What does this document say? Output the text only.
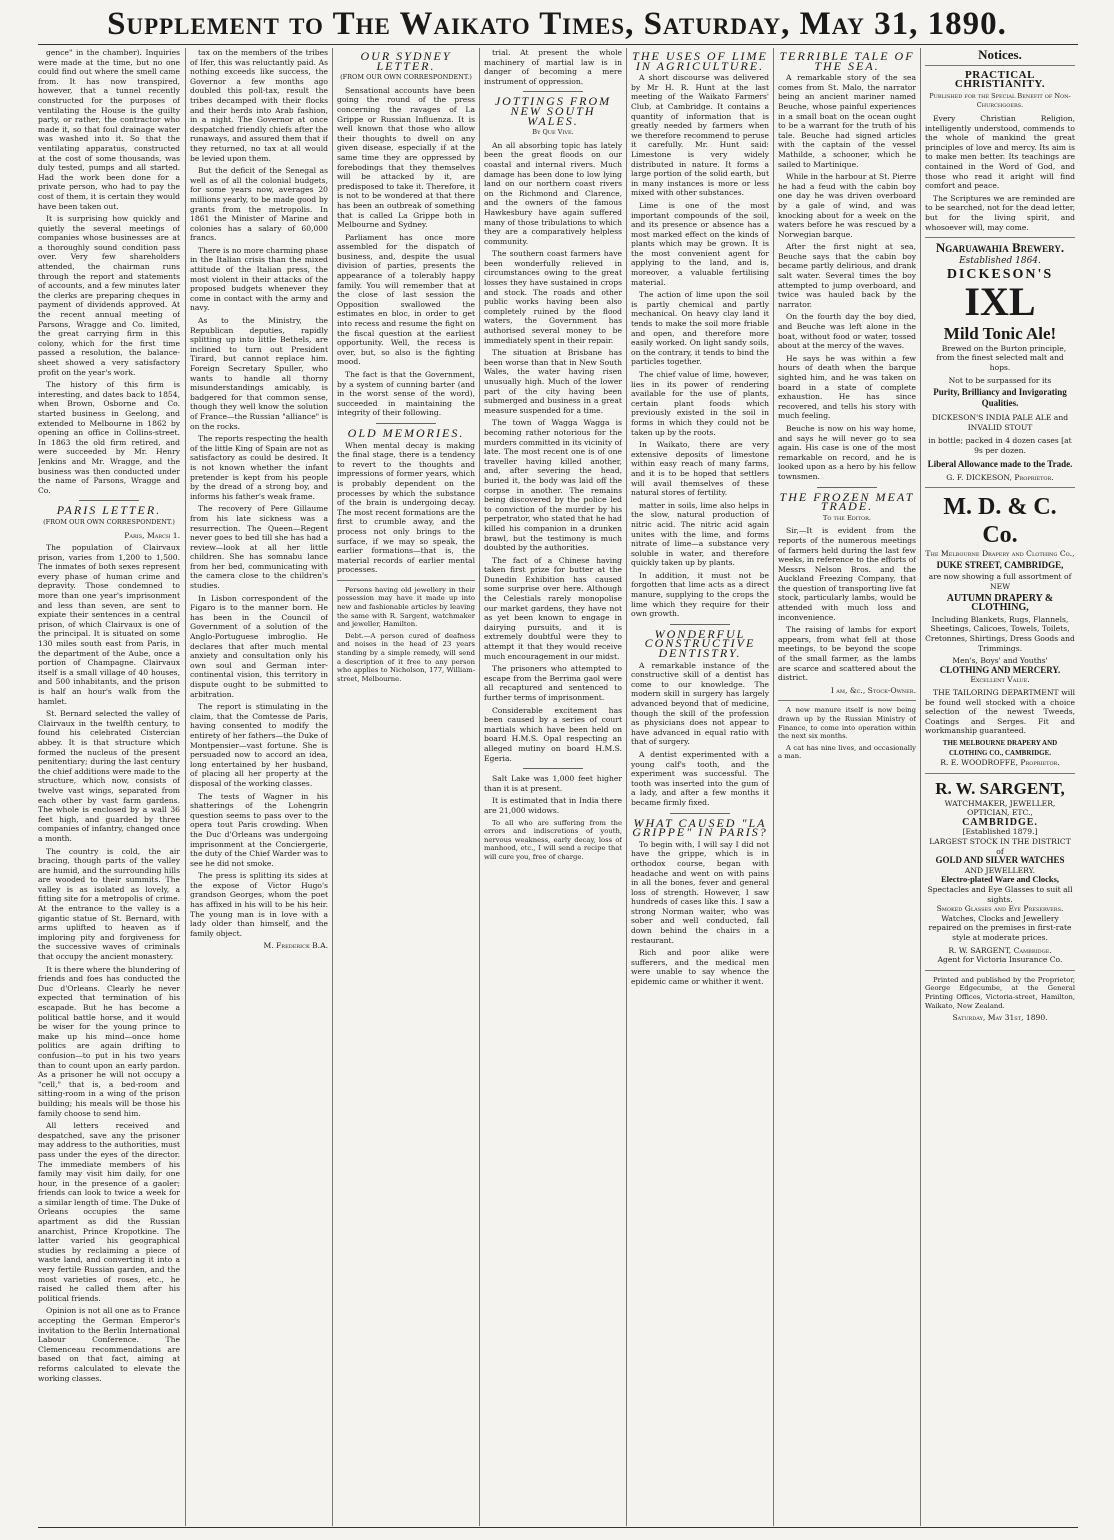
Supplement to The Waikato Times, Saturday, May 31, 1890.

gence" in the chamber). Inquiries were made at the time, but no one could find out where the smell came from. It has now transpired, however, that a tunnel recently constructed for the purposes of ventilating the House is the guilty party, or rather, the contractor who made it, so that foul drainage water was washed into it. So that the ventilating apparatus, constructed at the cost of some thousands, was duly tested, pumps and all started. Had the work been done for a private person, who had to pay the cost of them, it is certain they would have been taken out.

It is surprising how quickly and quietly the several meetings of companies whose businesses are at a thoroughly sound condition pass over. Very few shareholders attended, the chairman runs through the report and statements of accounts, and a few minutes later the clerks are preparing cheques in payment of dividends approved. At the recent annual meeting of Parsons, Wragge and Co. limited, the great carrying firm in this colony, which for the first time passed a resolution, the balance-sheet showed a very satisfactory profit on the year's work.

The history of this firm is interesting, and dates back to 1854, when Brown, Osborne and Co. started business in Geelong, and extended to Melbourne in 1862 by opening an office in Collins-street. In 1863 the old firm retired, and were succeeded by Mr. Henry Jenkins and Mr. Wragge, and the business was then conducted under the name of Parsons, Wragge and Co.

PARIS LETTER.
(FROM OUR OWN CORRESPONDENT.)
Paris, March 1.

The population of Clairvaux prison, varies from 1,200 to 1,500. The inmates of both sexes represent every phase of human crime and depravity. Those condemned to more than one year's imprisonment and less than seven, are sent to expiate their sentences in a central prison, of which Clairvaux is one of the principal. It is situated on some 130 miles south east from Paris, in the department of the Aube, once a portion of Champagne. Clairvaux itself is a small village of 40 houses, and 500 inhabitants, and the prison is half an hour's walk from the hamlet.

St. Bernard selected the valley of Clairvaux in the twelfth century, to found his celebrated Cistercian abbey. It is that structure which formed the nucleus of the present penitentiary; during the last century the chief additions were made to the structure, which now, consists of twelve vast wings, separated from each other by vast farm gardens. The whole is enclosed by a wall 36 feet high, and guarded by three companies of infantry, changed once a month.

The country is cold, the air bracing, though parts of the valley are humid, and the surrounding hills are wooded to their summits. The valley is as isolated as lovely, a fitting site for a metropolis of crime. At the entrance to the valley is a gigantic statue of St. Bernard, with arms uplifted to heaven as if imploring pity and forgiveness for the successive waves of criminals that occupy the ancient monastery.

It is there where the blundering of friends and foes has conducted the Duc d'Orleans. Clearly he never expected that termination of his escapade. But he has become a political battle horse, and it would be wiser for the young prince to make up his mind—once home politics are again drifting to confusion—to put in his two years than to count upon an early pardon. As a prisoner he will not occupy a "cell," that is, a bed-room and sitting-room in a wing of the prison building; his meals will be those his family choose to send him.

All letters received and despatched, save any the prisoner may address to the authorities, must pass under the eyes of the director. The immediate members of his family may visit him daily, for one hour, in the presence of a gaoler; friends can look to twice a week for a similar length of time. The Duke of Orleans occupies the same apartment as did the Russian anarchist, Prince Kropotkine. The latter varied his geographical studies by reclaiming a piece of waste land, and converting it into a very fertile Russian garden, and the most varieties of roses, etc., he raised he called them after his political friends.

Opinion is not all one as to France accepting the German Emperor's invitation to the Berlin International Labour Conference. The Clemenceau recommendations are based on that fact, aiming at reforms calculated to elevate the working classes.

tax on the members of the tribes of Ifer, this was reluctantly paid. As nothing exceeds like success, the Governor a few months ago doubled this poll-tax, result the tribes decamped with their flocks and their herds into Arab fashion, in a night. The Governor at once despatched friendly chiefs after the runaways, and assured them that if they returned, no tax at all would be levied upon them.

But the deficit of the Senegal as well as of all the colonial budgets, for some years now, averages 20 millions yearly, to be made good by grants from the metropolis. In 1861 the Minister of Marine and colonies has a salary of 60,000 francs.

There is no more charming phase in the Italian crisis than the mixed attitude of the Italian press, the most violent in their attacks of the proposed budgets whenever they come in contact with the army and navy.

As to the Ministry, the Republican deputies, rapidly splitting up into little Bethels, are inclined to turn out President Tirard, but cannot replace him. Foreign Secretary Spuller, who wants to handle all thorny misunderstandings amicably, is badgered for that common sense, though they well know the solution of France—the Russian "alliance" is on the rocks.

The reports respecting the health of the little King of Spain are not as satisfactory as could be desired. It is not known whether the infant pretender is kept from his people by the dread of a strong boy, and informs his father's weak frame.

The recovery of Pere Gillaume from his late sickness was a resurrection. The Queen—Regent never goes to bed till she has had a review—look at all her little children. She has somnabu lance from her bed, communicating with the camera close to the children's studies.

In Lisbon correspondent of the Figaro is to the manner born. He has been in the Council of Government of a solution of the Anglo-Portuguese imbroglio. He declares that after much mental anxiety and consultation only his own soul and German inter-continental vision, this territory in dispute ought to be submitted to arbitration.

The report is stimulating in the claim, that the Comtesse de Paris, having consented to modify the entirety of her fathers—the Duke of Montpensier—vast fortune. She is persuaded now to accord an idea, long entertained by her husband, of placing all her property at the disposal of the working classes.

The tests of Wagner in his shatterings of the Lohengrin question seems to pass over to the opera tout Paris crowding. When the Duc d'Orleans was undergoing imprisonment at the Conciergerie, the duty of the Chief Warder was to see he did not smoke.

The press is splitting its sides at the expose of Victor Hugo's grandson Georges, whom the poet has affixed in his will to be his heir. The young man is in love with a lady older than himself, and the family object.

M. Frederick B.A.
OUR SYDNEY LETTER.
(FROM OUR OWN CORRESPONDENT.)

Sensational accounts have been going the round of the press concerning the ravages of La Grippe or Russian Influenza. It is well known that those who allow their thoughts to dwell on any given disease, especially if at the same time they are oppressed by forebodings that they themselves will be attacked by it, are predisposed to take it. Therefore, it is not to be wondered at that there has been an outbreak of something that is called La Grippe both in Melbourne and Sydney.

Parliament has once more assembled for the dispatch of business, and, despite the usual division of parties, presents the appearance of a tolerably happy family. You will remember that at the close of last session the Opposition swallowed the estimates en bloc, in order to get into recess and resume the fight on the fiscal question at the earliest opportunity. Well, the recess is over, but, so also is the fighting mood.

The fact is that the Government, by a system of cunning barter (and in the worst sense of the word), succeeded in maintaining the integrity of their following.

OLD MEMORIES.

When mental decay is making the final stage, there is a tendency to revert to the thoughts and impressions of former years, which is probably dependent on the processes by which the substance of the brain is undergoing decay. The most recent formations are the first to crumble away, and the process not only brings to the surface, if we may so speak, the earlier formations—that is, the material records of earlier mental processes.

Persons having old jewellery in their possession may have it made up into new and fashionable articles by leaving the same with R. Sargent, watchmaker and jeweller, Hamilton.

Debt.—A person cured of deafness and noises in the head of 23 years standing by a simple remedy, will send a description of it free to any person who applies to Nicholson, 177, William-street, Melbourne.

trial. At present the whole machinery of martial law is in danger of becoming a mere instrument of oppression.

JOTTINGS FROM NEW SOUTH WALES.
By Que Vive.

An all absorbing topic has lately been the great floods on our coastal and internal rivers. Much damage has been done to low lying land on our northern coast rivers on the Richmond and Clarence, and the owners of the famous Hawkesbury have again suffered many of those tribulations to which they are a comparatively helpless community.

The southern coast farmers have been wonderfully relieved in circumstances owing to the great losses they have sustained in crops and stock. The roads and other public works having been also completely ruined by the flood waters, the Government has authorised several money to be immediately spent in their repair.

The situation at Brisbane has been worse than that in New South Wales, the water having risen unusually high. Much of the lower part of the city having been submerged and business in a great measure suspended for a time.

The town of Wagga Wagga is becoming rather notorious for the murders committed in its vicinity of late. The most recent one is of one traveller having killed another, and, after severing the head, buried it, the body was laid off the corpse in another. The remains being discovered by the police led to conviction of the murder by his perpetrator, who stated that he had killed his companion in a drunken brawl, but the testimony is much doubted by the authorities.

The fact of a Chinese having taken first prize for butter at the Dunedin Exhibition has caused some surprise over here. Although the Celestials rarely monopolise our market gardens, they have not as yet been known to engage in dairying pursuits, and it is extremely doubtful were they to attempt it that they would receive much encouragement in our midst.

The prisoners who attempted to escape from the Berrima gaol were all recaptured and sentenced to further terms of imprisonment.

Considerable excitement has been caused by a series of court martials which have been held on board H.M.S. Opal respecting an alleged mutiny on board H.M.S. Egeria.

Salt Lake was 1,000 feet higher than it is at present.

It is estimated that in India there are 21,000 widows.

To all who are suffering from the errors and indiscretions of youth, nervous weakness, early decay, loss of manhood, etc., I will send a recipe that will cure you, free of charge.

THE USES OF LIME IN AGRICULTURE.

A short discourse was delivered by Mr H. R. Hunt at the last meeting of the Waikato Farmers' Club, at Cambridge. It contains a quantity of information that is greatly needed by farmers when we therefore recommend to peruse it carefully. Mr. Hunt said: Limestone is very widely distributed in nature. It forms a large portion of the solid earth, but in many instances is more or less mixed with other substances.

Lime is one of the most important compounds of the soil, and its presence or absence has a most marked effect on the kinds of plants which may be grown. It is the most convenient agent for applying to the land, and is, moreover, a valuable fertilising material.

The action of lime upon the soil is partly chemical and partly mechanical. On heavy clay land it tends to make the soil more friable and open, and therefore more easily worked. On light sandy soils, on the contrary, it tends to bind the particles together.

The chief value of lime, however, lies in its power of rendering available for the use of plants, certain plant foods which previously existed in the soil in forms in which they could not be taken up by the roots.

In Waikato, there are very extensive deposits of limestone within easy reach of many farms, and it is to be hoped that settlers will avail themselves of these natural stores of fertility.

matter in soils, lime also helps in the slow, natural production of nitric acid. The nitric acid again unites with the lime, and forms nitrate of lime—a substance very soluble in water, and therefore quickly taken up by plants.

In addition, it must not be forgotten that lime acts as a direct manure, supplying to the crops the lime which they require for their own growth.

WONDERFUL CONSTRUCTIVE DENTISTRY.

A remarkable instance of the constructive skill of a dentist has come to our knowledge. The modern skill in surgery has largely advanced beyond that of medicine, though the skill of the profession as physicians does not appear to have advanced in equal ratio with that of surgery.

A dentist experimented with a young calf's tooth, and the experiment was successful. The tooth was inserted into the gum of a lady, and after a few months it became firmly fixed.

WHAT CAUSED "LA GRIPPE" IN PARIS?

To begin with, I will say I did not have the grippe, which is in orthodox course, began with headache and went on with pains in all the bones, fever and general loss of strength. However, I saw hundreds of cases like this. I saw a strong Norman waiter, who was sober and well conducted, fall down behind the chairs in a restaurant.

Rich and poor alike were sufferers, and the medical men were unable to say whence the epidemic came or whither it went.

TERRIBLE TALE OF THE SEA.

A remarkable story of the sea comes from St. Malo, the narrator being an ancient mariner named Beuche, whose painful experiences in a small boat on the ocean ought to be a warrant for the truth of his tale. Beuche had signed articles with the captain of the vessel Mathilde, a schooner, which he sailed to Martinique.

While in the harbour at St. Pierre he had a feud with the cabin boy one day he was driven overboard by a gale of wind, and was knocking about for a week on the waters before he was rescued by a Norwegian barque.

After the first night at sea, Beuche says that the cabin boy became partly delirious, and drank salt water. Several times the boy attempted to jump overboard, and twice was hauled back by the narrator.

On the fourth day the boy died, and Beuche was left alone in the boat, without food or water, tossed about at the mercy of the waves.

He says he was within a few hours of death when the barque sighted him, and he was taken on board in a state of complete exhaustion. He has since recovered, and tells his story with much feeling.

Beuche is now on his way home, and says he will never go to sea again. His case is one of the most remarkable on record, and he is looked upon as a hero by his fellow townsmen.

THE FROZEN MEAT TRADE.
To the Editor.

Sir,—It is evident from the reports of the numerous meetings of farmers held during the last few weeks, in reference to the efforts of Messrs Nelson Bros. and the Auckland Freezing Company, that the question of transporting live fat stock, particularly lambs, would be attended with much loss and inconvenience.

The raising of lambs for export appears, from what fell at those meetings, to be beyond the scope of the small farmer, as the lambs are scarce and scattered about the district.

I am, &c., Stock-Owner.

A new manure itself is now being drawn up by the Russian Ministry of Finance, to come into operation within the next six months.

A cat has nine lives, and occasionally a man.

Notices.
PRACTICAL CHRISTIANITY.
Published for the Special Benefit of Non-Churchgoers.

Every Christian Religion, intelligently understood, commends to the whole of mankind the great principles of love and mercy. Its aim is to make men better. Its teachings are contained in the Word of God, and those who read it aright will find comfort and peace.

The Scriptures we are reminded are to be searched, not for the dead letter, but for the living spirit, and whosoever will, may come.

Ngaruawahia Brewery.
Established 1864.
DICKESON'S
IXL
Mild Tonic Ale!

Brewed on the Burton principle, from the finest selected malt and hops.

Not to be surpassed for its
Purity, Brilliancy and Invigorating Qualities.
DICKESON'S INDIA PALE ALE and INVALID STOUT
in bottle; packed in 4 dozen cases [at 9s per dozen.
Liberal Allowance made to the Trade.
G. F. DICKESON, Proprietor.
M. D. & C. Co.
The Melbourne Drapery and Clothing Co.,
DUKE STREET, CAMBRIDGE,
are now showing a full assortment of
NEW
AUTUMN DRAPERY & CLOTHING,

Including Blankets, Rugs, Flannels, Sheetings, Calicoes, Towels, Toilets, Cretonnes, Shirtings, Dress Goods and Trimmings.

Men's, Boys' and Youths'
CLOTHING AND MERCERY.
Excellent Value.

THE TAILORING DEPARTMENT will be found well stocked with a choice selection of the newest Tweeds, Coatings and Serges. Fit and workmanship guaranteed.

THE MELBOURNE DRAPERY AND CLOTHING CO., CAMBRIDGE.
R. E. WOODROFFE, Proprietor.
R. W. SARGENT,
WATCHMAKER, JEWELLER, OPTICIAN, ETC.,
CAMBRIDGE.
[Established 1879.]
LARGEST STOCK IN THE DISTRICT
of
GOLD AND SILVER WATCHES
AND JEWELLERY.
Electro-plated Ware and Clocks,
Spectacles and Eye Glasses to suit all sights.
Smoked Glasses and Eye Preservers.

Watches, Clocks and Jewellery repaired on the premises in first-rate style at moderate prices.

R. W. SARGENT, Cambridge.
Agent for Victoria Insurance Co.

Printed and published by the Proprietor, George Edgecumbe, at the General Printing Offices, Victoria-street, Hamilton, Waikato, New Zealand.

Saturday, May 31st, 1890.
